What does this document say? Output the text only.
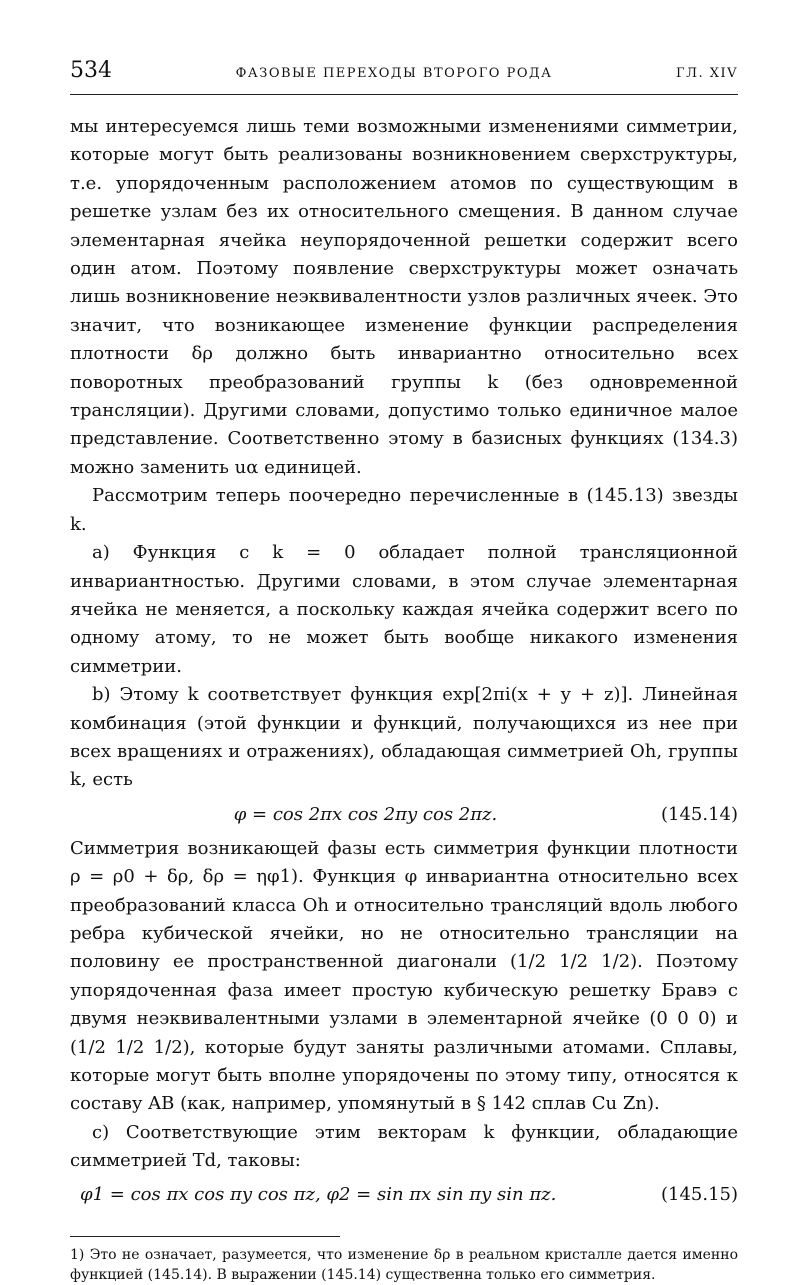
534	ФАЗОВЫЕ ПЕРЕХОДЫ ВТОРОГО РОДА	ГЛ. XIV

мы интересуемся лишь теми возможными изменениями симметрии, которые могут быть реализованы возникновением сверхструктуры, т.е. упорядоченным расположением атомов по существующим в решетке узлам без их относительного смещения. В данном случае элементарная ячейка неупорядоченной решетки содержит всего один атом. Поэтому появление сверхструктуры может означать лишь возникновение неэквивалентности узлов различных ячеек. Это значит, что возникающее изменение функции распределения плотности δρ должно быть инвариантно относительно всех поворотных преобразований группы k (без одновременной трансляции). Другими словами, допустимо только единичное малое представление. Соответственно этому в базисных функциях (134.3) можно заменить uα единицей.

Рассмотрим теперь поочередно перечисленные в (145.13) звезды k.

a) Функция с k = 0 обладает полной трансляционной инвариантностью. Другими словами, в этом случае элементарная ячейка не меняется, а поскольку каждая ячейка содержит всего по одному атому, то не может быть вообще никакого изменения симметрии.

b) Этому k соответствует функция exp[2πi(x + y + z)]. Линейная комбинация (этой функции и функций, получающихся из нее при всех вращениях и отражениях), обладающая симметрией Oh, группы k, есть

φ = cos 2πx cos 2πy cos 2πz.	(145.14)

Симметрия возникающей фазы есть симметрия функции плотности ρ = ρ0 + δρ, δρ = ηφ1). Функция φ инвариантна относительно всех преобразований класса Oh и относительно трансляций вдоль любого ребра кубической ячейки, но не относительно трансляции на половину ее пространственной диагонали (1/2 1/2 1/2). Поэтому упорядоченная фаза имеет простую кубическую решетку Бравэ с двумя неэквивалентными узлами в элементарной ячейке (0 0 0) и (1/2 1/2 1/2), которые будут заняты различными атомами. Сплавы, которые могут быть вполне упорядочены по этому типу, относятся к составу AB (как, например, упомянутый в § 142 сплав Cu Zn).

c) Соответствующие этим векторам k функции, обладающие симметрией Td, таковы:

φ1 = cos πx cos πy cos πz, φ2 = sin πx sin πy sin πz.	(145.15)

1) Это не означает, разумеется, что изменение δρ в реальном кристалле дается именно функцией (145.14). В выражении (145.14) существенна только его симметрия.
